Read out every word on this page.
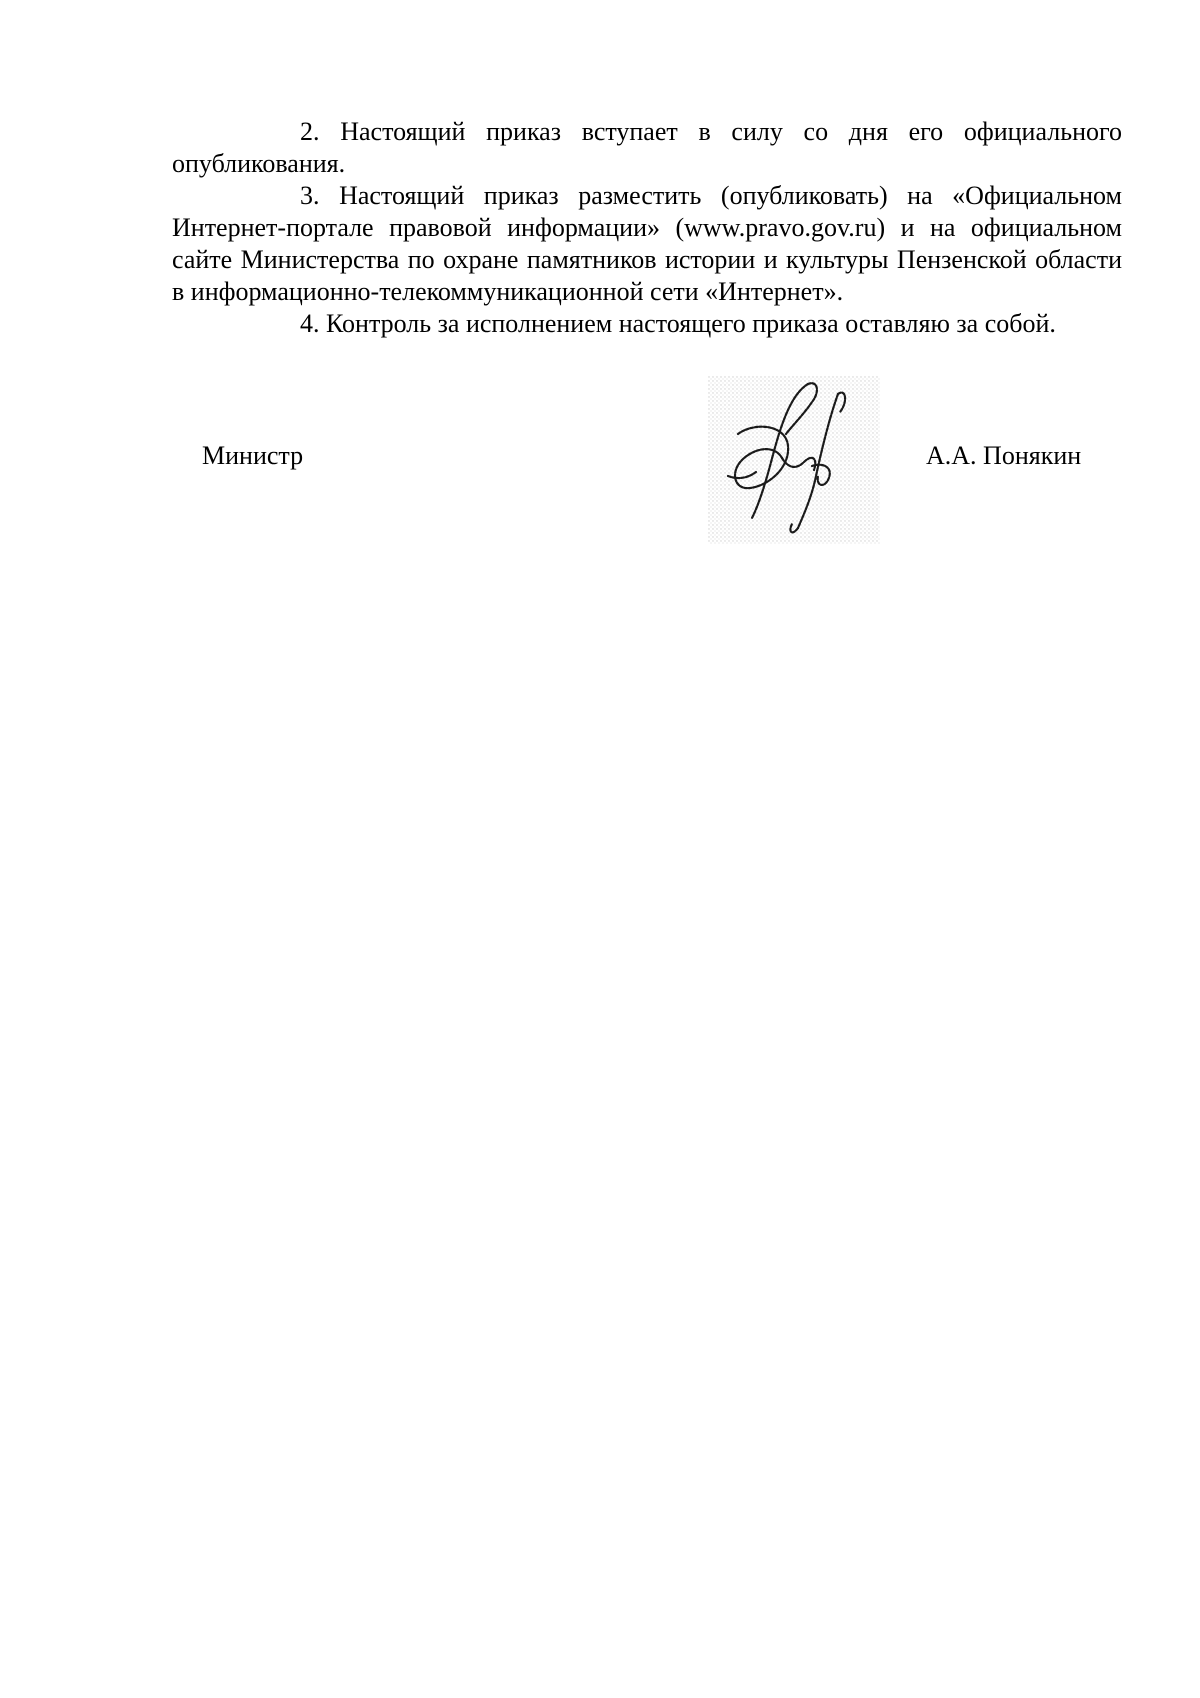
2. Настоящий приказ вступает в силу со дня его официального опубликования.

3. Настоящий приказ разместить (опубликовать) на «Официальном Интернет-портале правовой информации» (www.pravo.gov.ru) и на официальном сайте Министерства по охране памятников истории и культуры Пензенской области в информационно-телекоммуникационной сети «Интернет».

4. Контроль за исполнением настоящего приказа оставляю за собой.

Министр	А.А. Понякин
